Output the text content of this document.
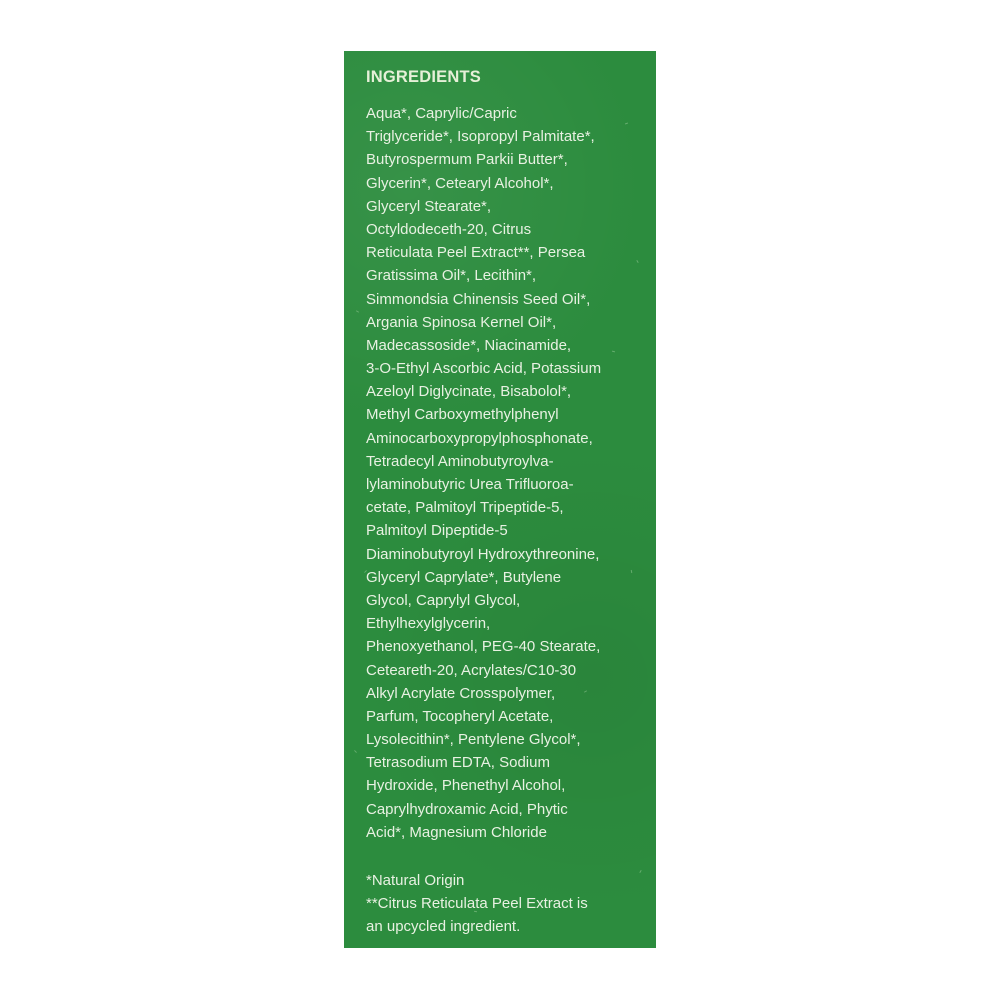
INGREDIENTS
Aqua*, Caprylic/Capric
Triglyceride*, Isopropyl Palmitate*,
Butyrospermum Parkii Butter*,
Glycerin*, Cetearyl Alcohol*,
Glyceryl Stearate*,
Octyldodeceth-20, Citrus
Reticulata Peel Extract**, Persea
Gratissima Oil*, Lecithin*,
Simmondsia Chinensis Seed Oil*,
Argania Spinosa Kernel Oil*,
Madecassoside*, Niacinamide,
3-O-Ethyl Ascorbic Acid, Potassium
Azeloyl Diglycinate, Bisabolol*,
Methyl Carboxymethylphenyl
Aminocarboxypropylphosphonate,
Tetradecyl Aminobutyroylva-
lylaminobutyric Urea Trifluoroa-
cetate, Palmitoyl Tripeptide-5,
Palmitoyl Dipeptide-5
Diaminobutyroyl Hydroxythreonine,
Glyceryl Caprylate*, Butylene
Glycol, Caprylyl Glycol,
Ethylhexylglycerin,
Phenoxyethanol, PEG-40 Stearate,
Ceteareth-20, Acrylates/C10-30
Alkyl Acrylate Crosspolymer,
Parfum, Tocopheryl Acetate,
Lysolecithin*, Pentylene Glycol*,
Tetrasodium EDTA, Sodium
Hydroxide, Phenethyl Alcohol,
Caprylhydroxamic Acid, Phytic
Acid*, Magnesium Chloride
*Natural Origin
**Citrus Reticulata Peel Extract is
an upcycled ingredient.
